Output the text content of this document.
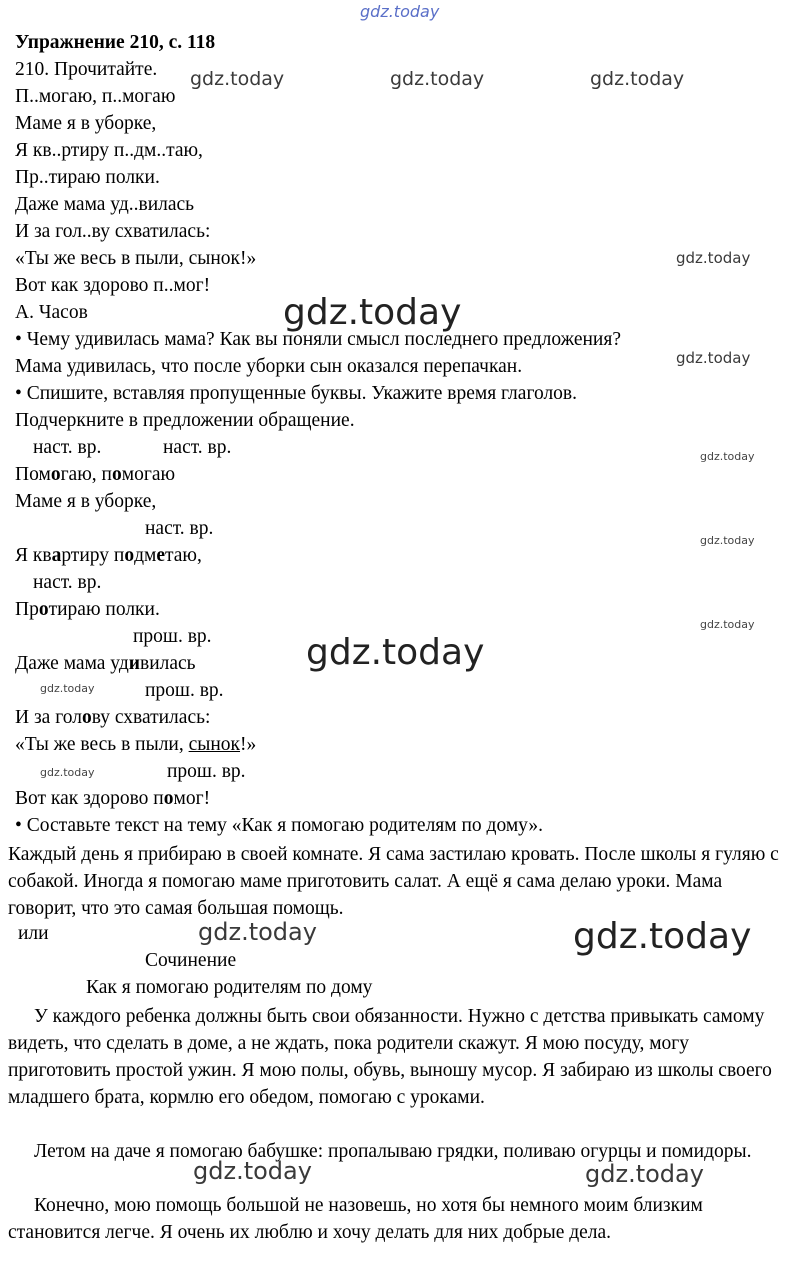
gdz.today
gdz.today	gdz.today	gdz.today
gdz.today
gdz.today
gdz.today
gdz.today
gdz.today
gdz.today
gdz.today
gdz.today
gdz.today
gdz.today	gdz.today
gdz.today	gdz.today
Упражнение 210, с. 118
210. Прочитайте.
П..могаю, п..могаю
Маме я в уборке,
Я кв..ртиру п..дм..таю,
Пр..тираю полки.
Даже мама уд..вилась
И за гол..ву схватилась:
«Ты же весь в пыли, сынок!»
Вот как здорово п..мог!
А. Часов
• Чему удивилась мама? Как вы поняли смысл последнего предложения?
Мама удивилась, что после уборки сын оказался перепачкан.
• Спишите, вставляя пропущенные буквы. Укажите время глаголов.
Подчеркните в предложении обращение.
наст. вр.	наст. вр.
Помогаю, помогаю
Маме я в уборке,
наст. вр.
Я квартиру подметаю,
наст. вр.
Протираю полки.
прош. вр.
Даже мама удивилась
прош. вр.
И за голову схватилась:
«Ты же весь в пыли, сынок!»
прош. вр.
Вот как здорово помог!
• Составьте текст на тему «Как я помогаю родителям по дому».
Каждый день я прибираю в своей комнате. Я сама застилаю кровать. После школы я гуляю с собакой. Иногда я помогаю маме приготовить салат. А ещё я сама делаю уроки. Мама говорит, что это самая большая помощь.
или
Сочинение
Как я помогаю родителям по дому
У каждого ребенка должны быть свои обязанности. Нужно с детства привыкать самому видеть, что сделать в доме, а не ждать, пока родители скажут. Я мою посуду, могу приготовить простой ужин. Я мою полы, обувь, выношу мусор. Я забираю из школы своего младшего брата, кормлю его обедом, помогаю с уроками.
Летом на даче я помогаю бабушке: пропалываю грядки, поливаю огурцы и помидоры.
Конечно, мою помощь большой не назовешь, но хотя бы немного моим близким становится легче. Я очень их люблю и хочу делать для них добрые дела.
